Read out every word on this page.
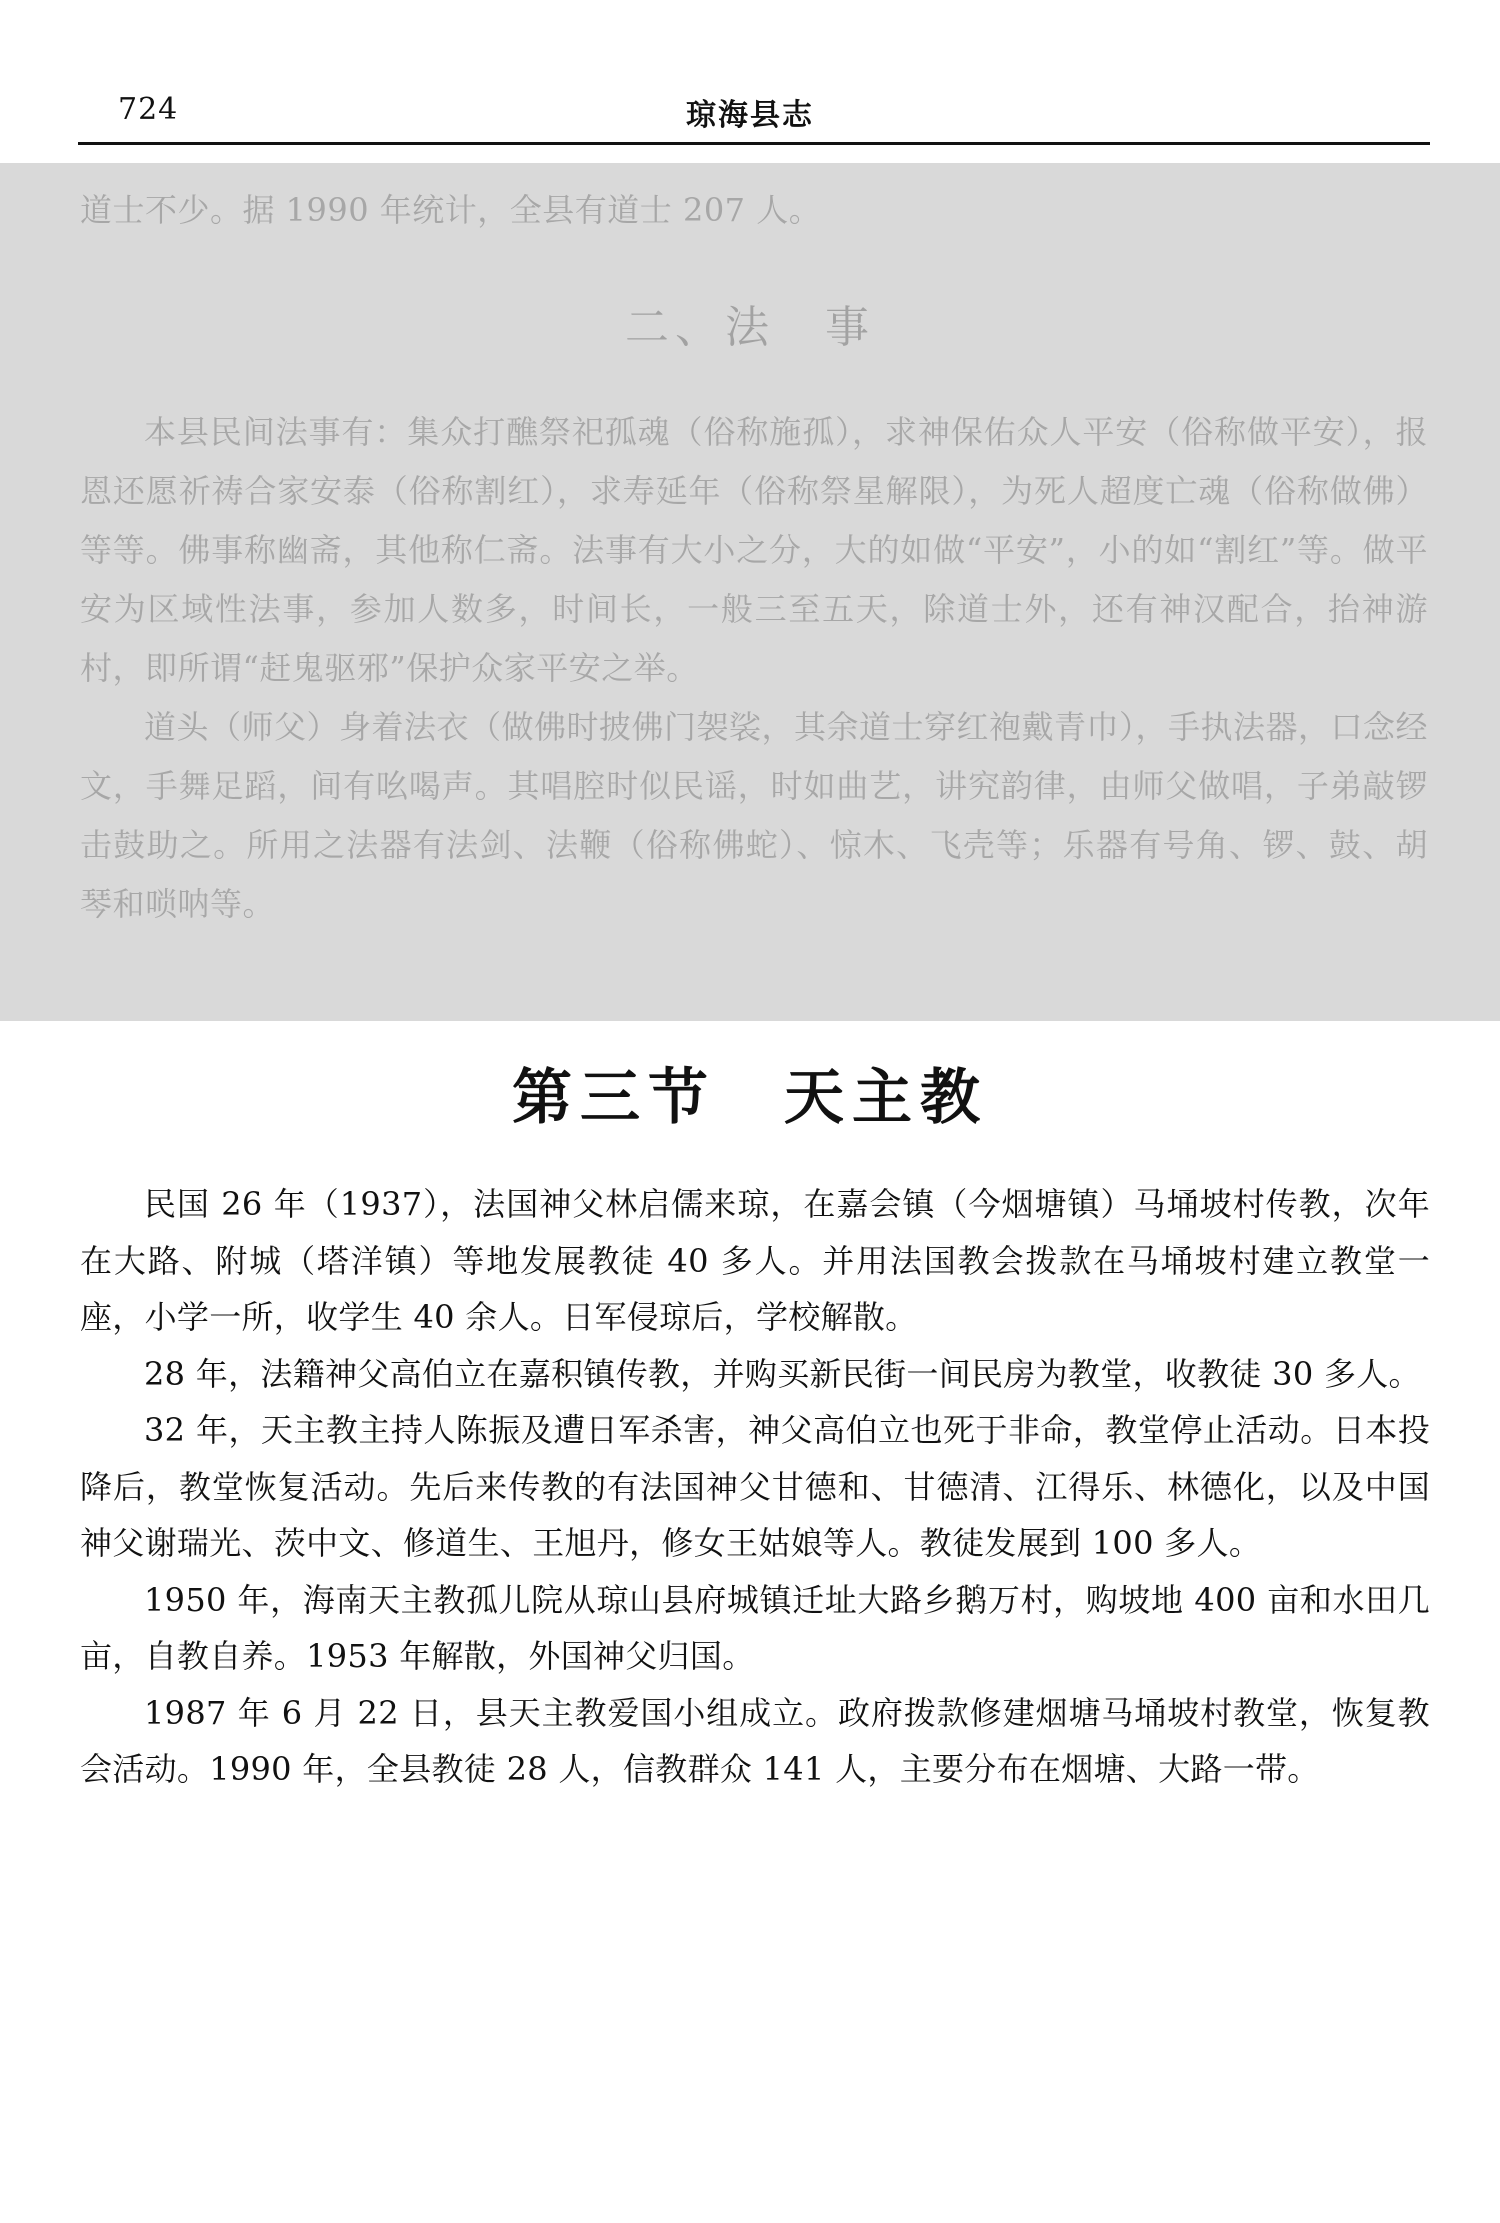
724	琼海县志
道士不少。据 1990 年统计，全县有道士 207 人。
二、法　事

本县民间法事有：集众打醮祭祀孤魂（俗称施孤），求神保佑众人平安（俗称做平安），报恩还愿祈祷合家安泰（俗称割红），求寿延年（俗称祭星解限），为死人超度亡魂（俗称做佛）等等。佛事称幽斋，其他称仁斋。法事有大小之分，大的如做“平安”，小的如“割红”等。做平安为区域性法事，参加人数多，时间长，一般三至五天，除道士外，还有神汉配合，抬神游村，即所谓“赶鬼驱邪”保护众家平安之举。

道头（师父）身着法衣（做佛时披佛门袈裟，其余道士穿红袍戴青巾），手执法器，口念经文，手舞足蹈，间有吆喝声。其唱腔时似民谣，时如曲艺，讲究韵律，由师父做唱，子弟敲锣击鼓助之。所用之法器有法剑、法鞭（俗称佛蛇）、惊木、飞壳等；乐器有号角、锣、鼓、胡琴和唢呐等。

第三节　天主教

民国 26 年（1937），法国神父林启儒来琼，在嘉会镇（今烟塘镇）马埇坡村传教，次年在大路、附城（塔洋镇）等地发展教徒 40 多人。并用法国教会拨款在马埇坡村建立教堂一座，小学一所，收学生 40 余人。日军侵琼后，学校解散。

28 年，法籍神父高伯立在嘉积镇传教，并购买新民街一间民房为教堂，收教徒 30 多人。

32 年，天主教主持人陈振及遭日军杀害，神父高伯立也死于非命，教堂停止活动。日本投降后，教堂恢复活动。先后来传教的有法国神父甘德和、甘德清、江得乐、林德化，以及中国神父谢瑞光、茨中文、修道生、王旭丹，修女王姑娘等人。教徒发展到 100 多人。

1950 年，海南天主教孤儿院从琼山县府城镇迁址大路乡鹅万村，购坡地 400 亩和水田几亩，自教自养。1953 年解散，外国神父归国。

1987 年 6 月 22 日，县天主教爱国小组成立。政府拨款修建烟塘马埇坡村教堂，恢复教会活动。1990 年，全县教徒 28 人，信教群众 141 人，主要分布在烟塘、大路一带。
